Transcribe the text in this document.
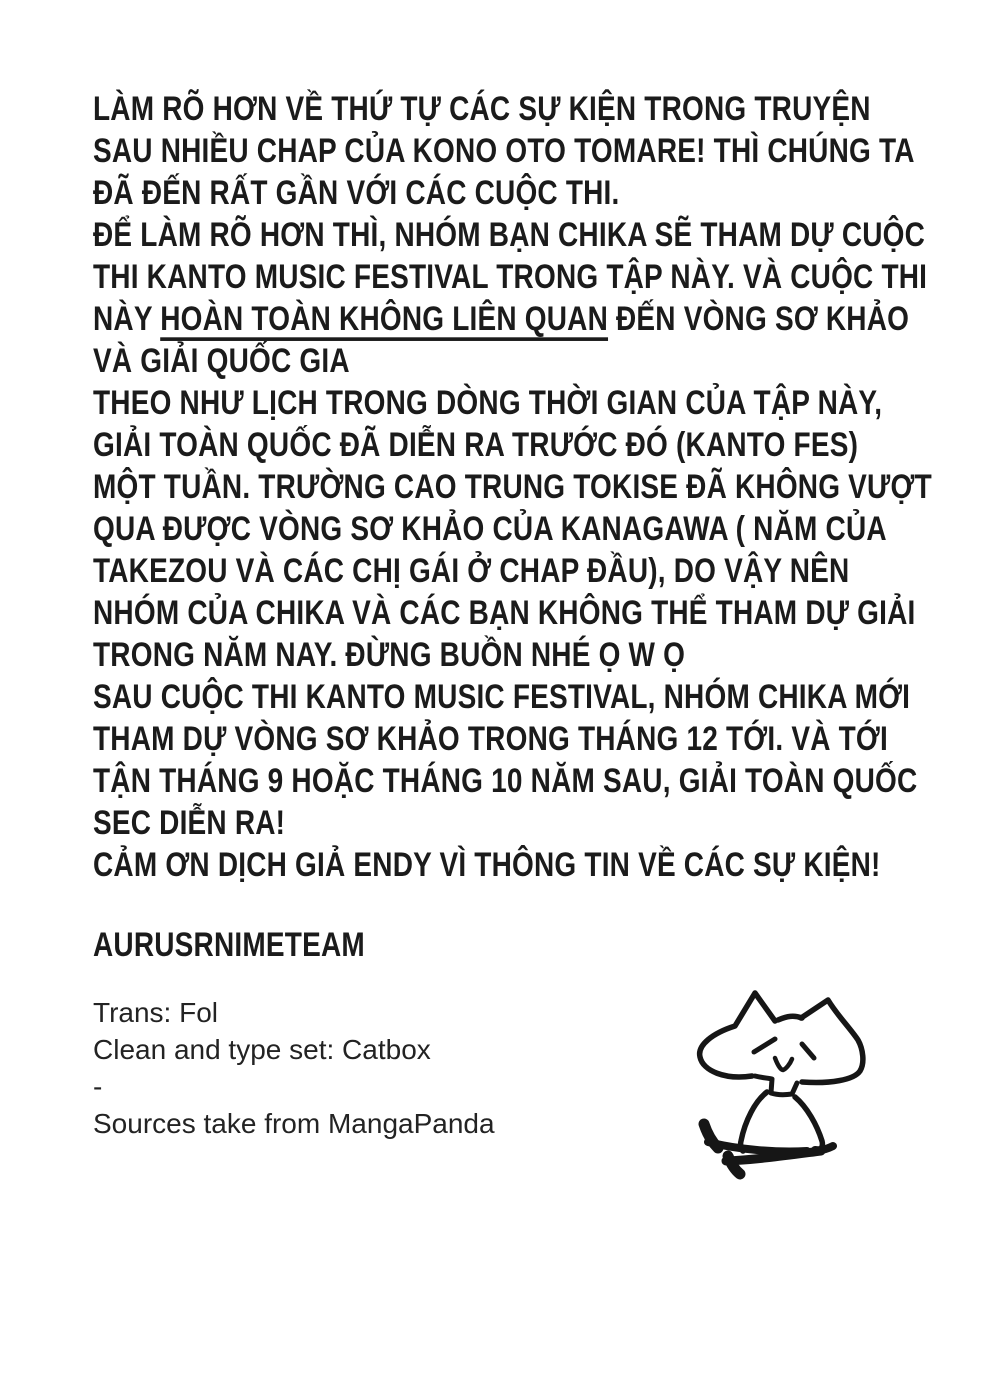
LÀM RÕ HƠN VỀ THỨ TỰ CÁC SỰ KIỆN TRONG TRUYỆN
SAU NHIỀU CHAP CỦA KONO OTO TOMARE! THÌ CHÚNG TA
ĐÃ ĐẾN RẤT GẦN VỚI CÁC CUỘC THI.
ĐỂ LÀM RÕ HƠN THÌ, NHÓM BẠN CHIKA SẼ THAM DỰ CUỘC
THI KANTO MUSIC FESTIVAL TRONG TẬP NÀY. VÀ CUỘC THI
NÀY HOÀN TOÀN KHÔNG LIÊN QUAN ĐẾN VÒNG SƠ KHẢO
VÀ GIẢI QUỐC GIA
THEO NHƯ LỊCH TRONG DÒNG THỜI GIAN CỦA TẬP NÀY,
GIẢI TOÀN QUỐC ĐÃ DIỄN RA TRƯỚC ĐÓ (KANTO FES)
MỘT TUẦN. TRƯỜNG CAO TRUNG TOKISE ĐÃ KHÔNG VƯỢT
QUA ĐƯỢC VÒNG SƠ KHẢO CỦA KANAGAWA ( NĂM CỦA
TAKEZOU VÀ CÁC CHỊ GÁI Ở CHAP ĐẦU), DO VẬY NÊN
NHÓM CỦA CHIKA VÀ CÁC BẠN KHÔNG THỂ THAM DỰ GIẢI
TRONG NĂM NAY. ĐỪNG BUỒN NHÉ Ọ W Ọ
SAU CUỘC THI KANTO MUSIC FESTIVAL, NHÓM CHIKA MỚI
THAM DỰ VÒNG SƠ KHẢO TRONG THÁNG 12 TỚI. VÀ TỚI
TẬN THÁNG 9 HOẶC THÁNG 10 NĂM SAU, GIẢI TOÀN QUỐC
SEC DIỄN RA!
CẢM ƠN DỊCH GIẢ ENDY VÌ THÔNG TIN VỀ CÁC SỰ KIỆN!
AURUSRNIMETEAM
Trans: Fol
Clean and type set: Catbox
-
Sources take from MangaPanda
